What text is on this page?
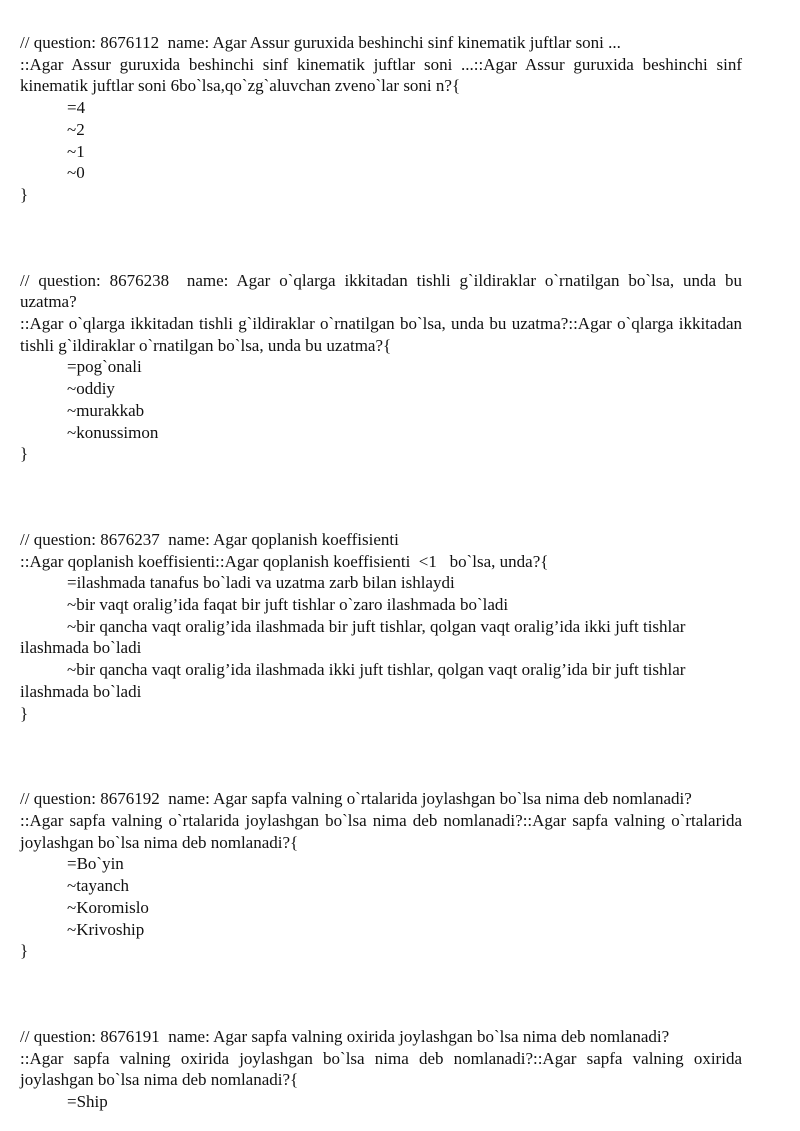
// question: 8676112  name: Agar Assur guruxida beshinchi sinf kinematik juftlar soni ...
::Agar Assur guruxida beshinchi sinf kinematik juftlar soni ...::Agar Assur guruxida beshinchi sinf kinematik juftlar soni 6bo`lsa,qo`zg`aluvchan zveno`lar soni n?{
=4
~2
~1
~0
}
// question: 8676238  name: Agar o`qlarga ikkitadan tishli g`ildiraklar o`rnatilgan bo`lsa, unda bu uzatma?
::Agar o`qlarga ikkitadan tishli g`ildiraklar o`rnatilgan bo`lsa, unda bu uzatma?::Agar o`qlarga ikkitadan tishli g`ildiraklar o`rnatilgan bo`lsa, unda bu uzatma?{
=pog`onali
~oddiy
~murakkab
~konussimon
}
// question: 8676237  name: Agar qoplanish koeffisienti
::Agar qoplanish koeffisienti::Agar qoplanish koeffisienti  <1   bo`lsa, unda?{
=ilashmada tanafus bo`ladi va uzatma zarb bilan ishlaydi
~bir vaqt oralig’ida faqat bir juft tishlar o`zaro ilashmada bo`ladi
~bir qancha vaqt oralig’ida ilashmada bir juft tishlar, qolgan vaqt oralig’ida ikki juft tishlar
ilashmada bo`ladi
~bir qancha vaqt oralig’ida ilashmada ikki juft tishlar, qolgan vaqt oralig’ida bir juft tishlar
ilashmada bo`ladi
}
// question: 8676192  name: Agar sapfa valning o`rtalarida joylashgan bo`lsa nima deb nomlanadi?
::Agar sapfa valning o`rtalarida joylashgan bo`lsa nima deb nomlanadi?::Agar sapfa valning o`rtalarida joylashgan bo`lsa nima deb nomlanadi?{
=Bo`yin
~tayanch
~Koromislo
~Krivoship
}
// question: 8676191  name: Agar sapfa valning oxirida joylashgan bo`lsa nima deb nomlanadi?
::Agar sapfa valning oxirida joylashgan bo`lsa nima deb nomlanadi?::Agar sapfa valning oxirida joylashgan bo`lsa nima deb nomlanadi?{
=Ship
